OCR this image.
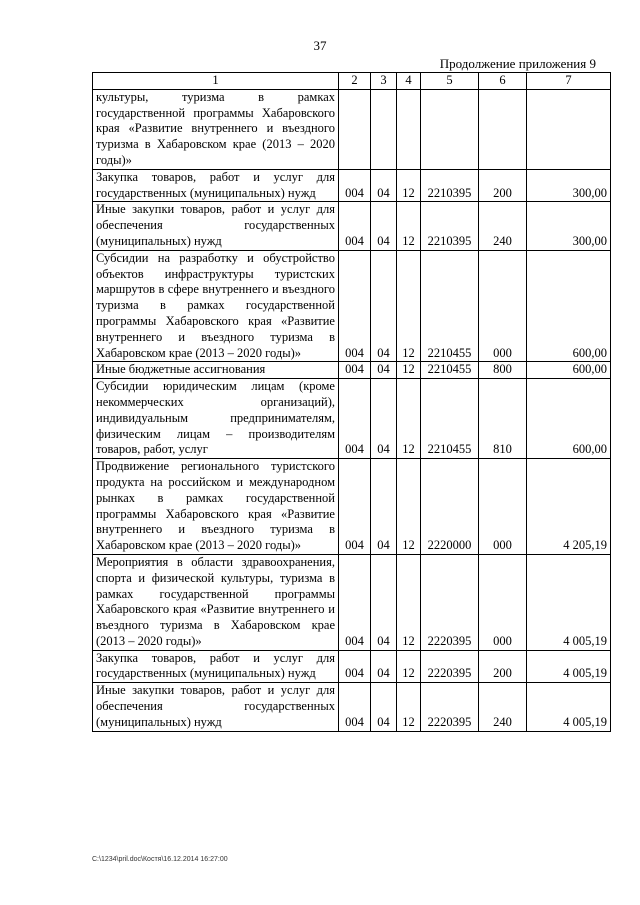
37
Продолжение приложения 9
1	2	3	4	5	6	7
культуры, туризма в рамках государственной программы Хабаровского края «Развитие внутреннего и въездного туризма в Хабаровском крае (2013 – 2020 годы)»						
Закупка товаров, работ и услуг для государственных (муниципальных) нужд	004	04	12	2210395	200	300,00
Иные закупки товаров, работ и услуг для обеспечения государственных (муниципальных) нужд	004	04	12	2210395	240	300,00
Субсидии на разработку и обустройство объектов инфраструктуры туристских маршрутов в сфере внутреннего и въездного туризма в рамках государственной программы Хабаровского края «Развитие внутреннего и въездного туризма в Хабаровском крае (2013 – 2020 годы)»	004	04	12	2210455	000	600,00
Иные бюджетные ассигнования	004	04	12	2210455	800	600,00
Субсидии юридическим лицам (кроме некоммерческих организаций), индивидуальным предпринимателям, физическим лицам – производителям товаров, работ, услуг	004	04	12	2210455	810	600,00
Продвижение регионального туристского продукта на российском и международном рынках в рамках государственной программы Хабаровского края «Развитие внутреннего и въездного туризма в Хабаровском крае (2013 – 2020 годы)»	004	04	12	2220000	000	4 205,19
Мероприятия в области здравоохранения, спорта и физической культуры, туризма в рамках государственной программы Хабаровского края «Развитие внутреннего и въездного туризма в Хабаровском крае (2013 – 2020 годы)»	004	04	12	2220395	000	4 005,19
Закупка товаров, работ и услуг для государственных (муниципальных) нужд	004	04	12	2220395	200	4 005,19
Иные закупки товаров, работ и услуг для обеспечения государственных (муниципальных) нужд	004	04	12	2220395	240	4 005,19
C:\1234\pril.doc\Костя\16.12.2014 16:27:00
